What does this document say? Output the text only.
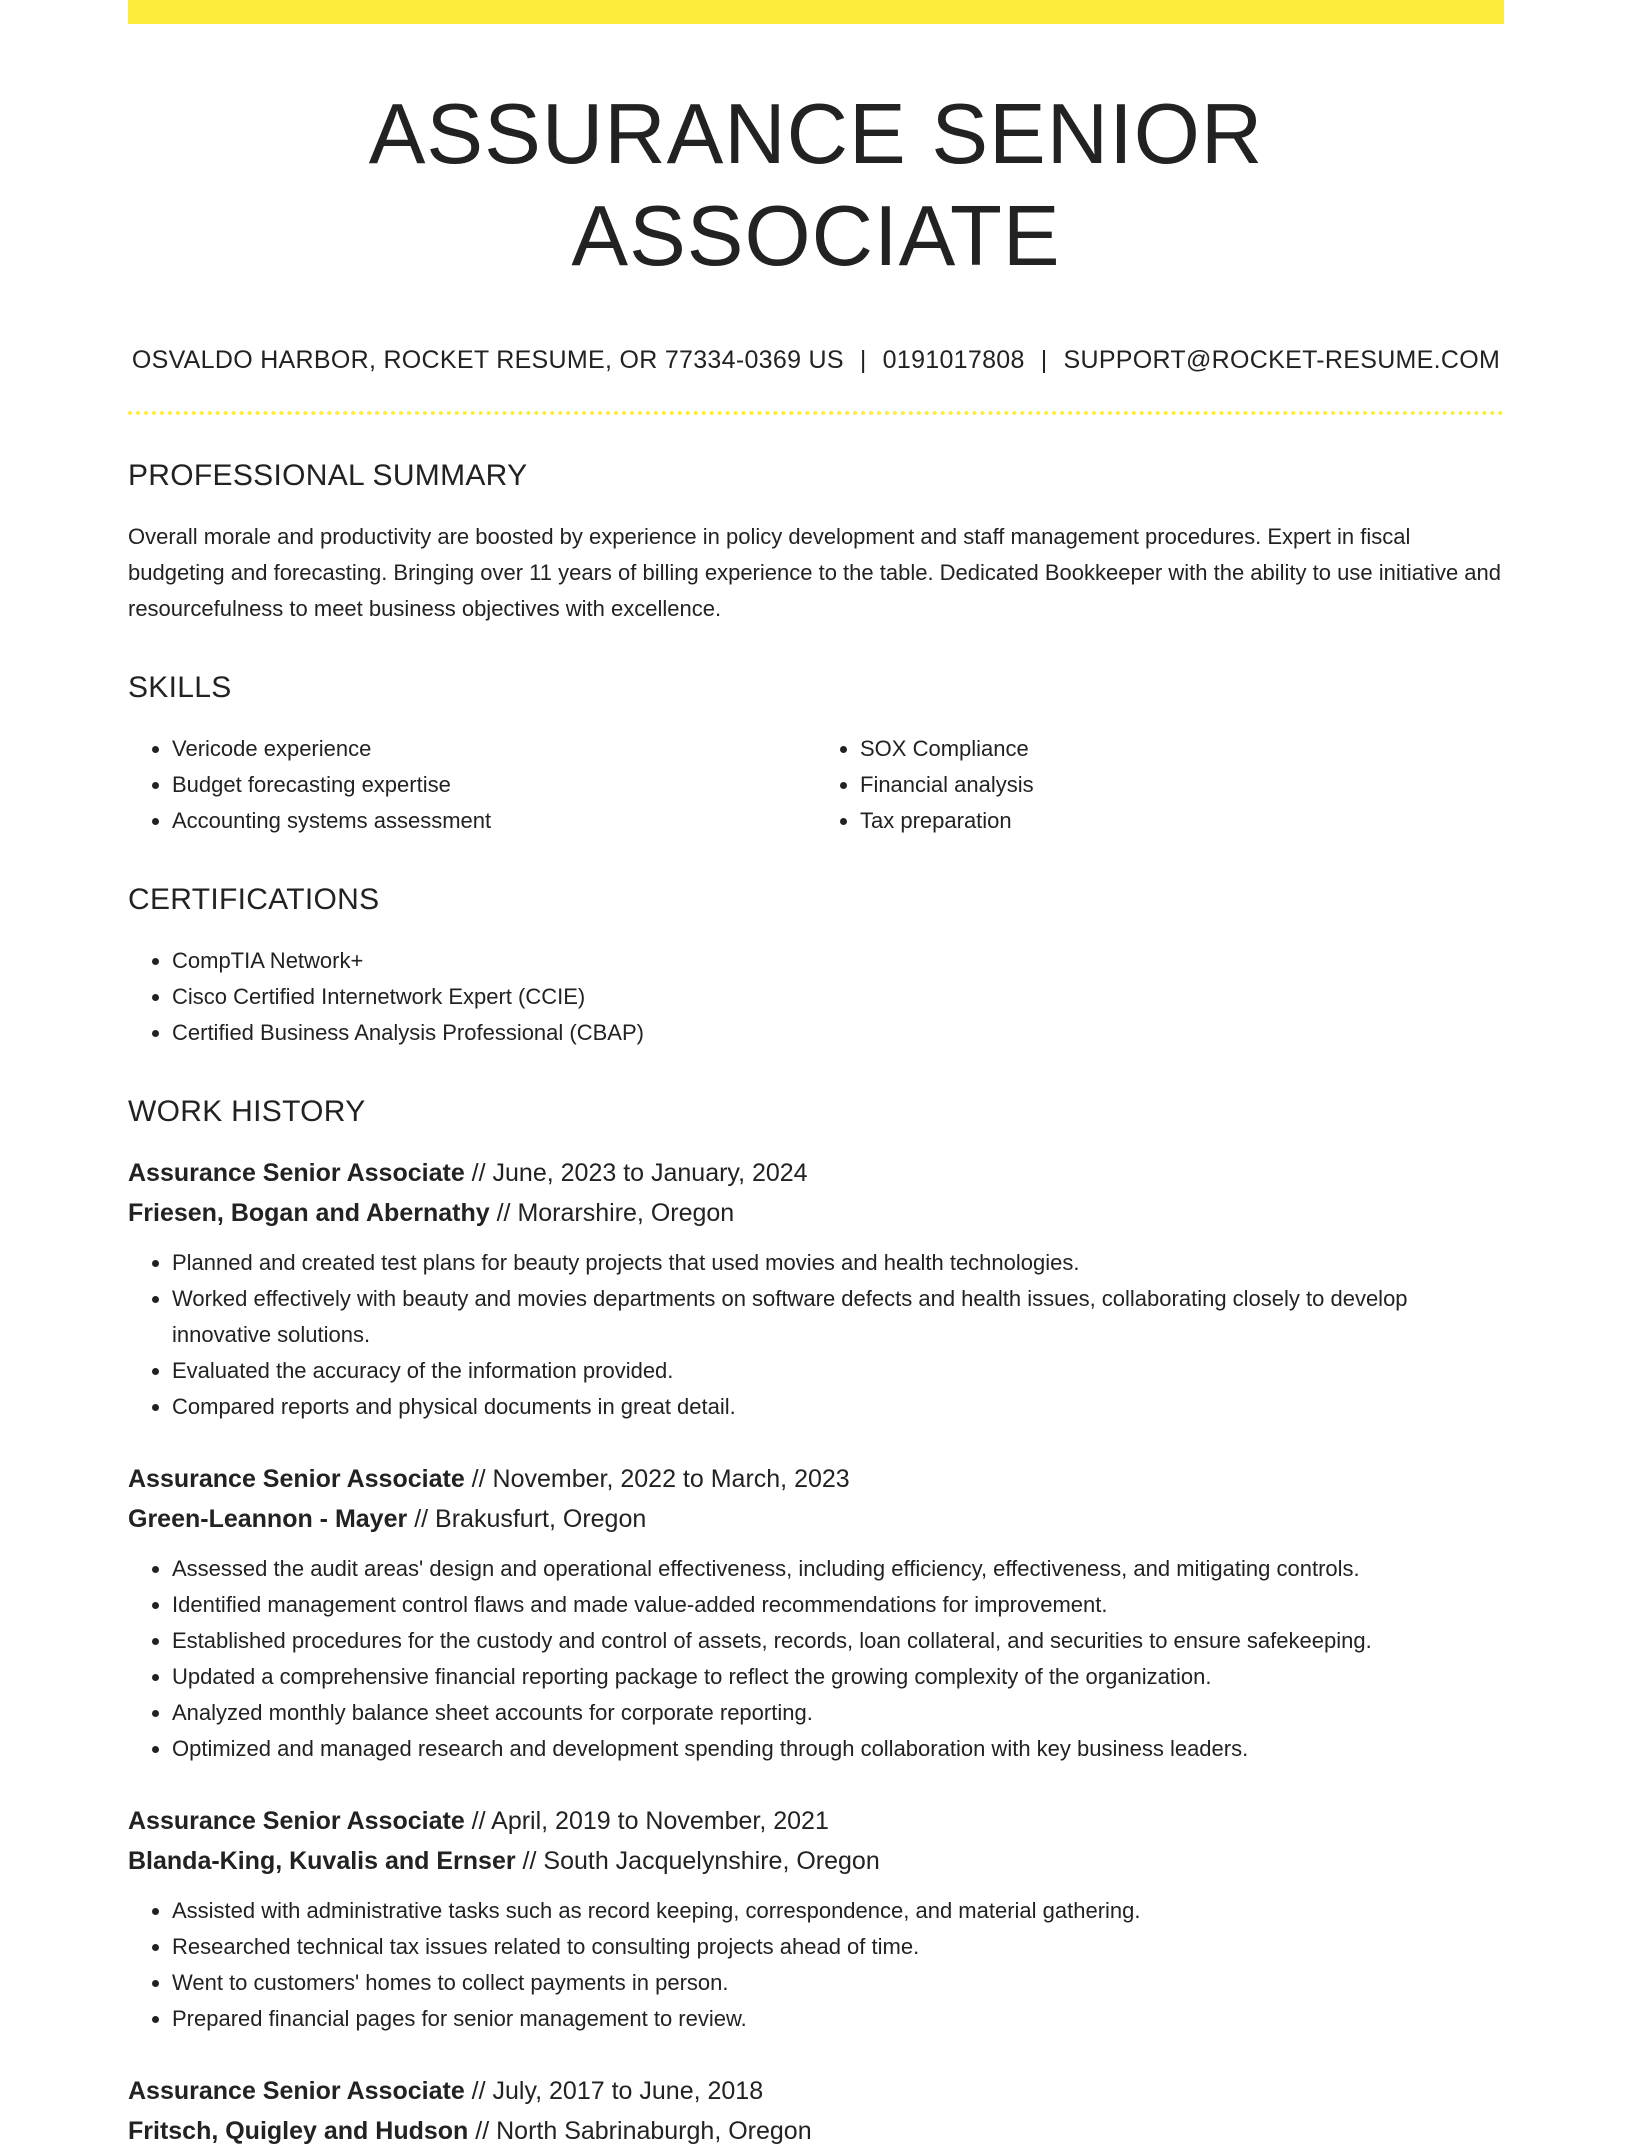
ASSURANCE SENIOR ASSOCIATE
OSVALDO HARBOR, ROCKET RESUME, OR 77334-0369 US | 0191017808 | SUPPORT@ROCKET-RESUME.COM
PROFESSIONAL SUMMARY

Overall morale and productivity are boosted by experience in policy development and staff management procedures. Expert in fiscal budgeting and forecasting. Bringing over 11 years of billing experience to the table. Dedicated Bookkeeper with the ability to use initiative and resourcefulness to meet business objectives with excellence.

SKILLS
• Vericode experience
• Budget forecasting expertise
• Accounting systems assessment
• SOX Compliance
• Financial analysis
• Tax preparation
CERTIFICATIONS
• CompTIA Network+
• Cisco Certified Internetwork Expert (CCIE)
• Certified Business Analysis Professional (CBAP)
WORK HISTORY
Assurance Senior Associate // June, 2023 to January, 2024
Friesen, Bogan and Abernathy // Morarshire, Oregon
• Planned and created test plans for beauty projects that used movies and health technologies.
• Worked effectively with beauty and movies departments on software defects and health issues, collaborating closely to develop innovative solutions.
• Evaluated the accuracy of the information provided.
• Compared reports and physical documents in great detail.
Assurance Senior Associate // November, 2022 to March, 2023
Green-Leannon - Mayer // Brakusfurt, Oregon
• Assessed the audit areas' design and operational effectiveness, including efficiency, effectiveness, and mitigating controls.
• Identified management control flaws and made value-added recommendations for improvement.
• Established procedures for the custody and control of assets, records, loan collateral, and securities to ensure safekeeping.
• Updated a comprehensive financial reporting package to reflect the growing complexity of the organization.
• Analyzed monthly balance sheet accounts for corporate reporting.
• Optimized and managed research and development spending through collaboration with key business leaders.
Assurance Senior Associate // April, 2019 to November, 2021
Blanda-King, Kuvalis and Ernser // South Jacquelynshire, Oregon
• Assisted with administrative tasks such as record keeping, correspondence, and material gathering.
• Researched technical tax issues related to consulting projects ahead of time.
• Went to customers' homes to collect payments in person.
• Prepared financial pages for senior management to review.
Assurance Senior Associate // July, 2017 to June, 2018
Fritsch, Quigley and Hudson // North Sabrinaburgh, Oregon
